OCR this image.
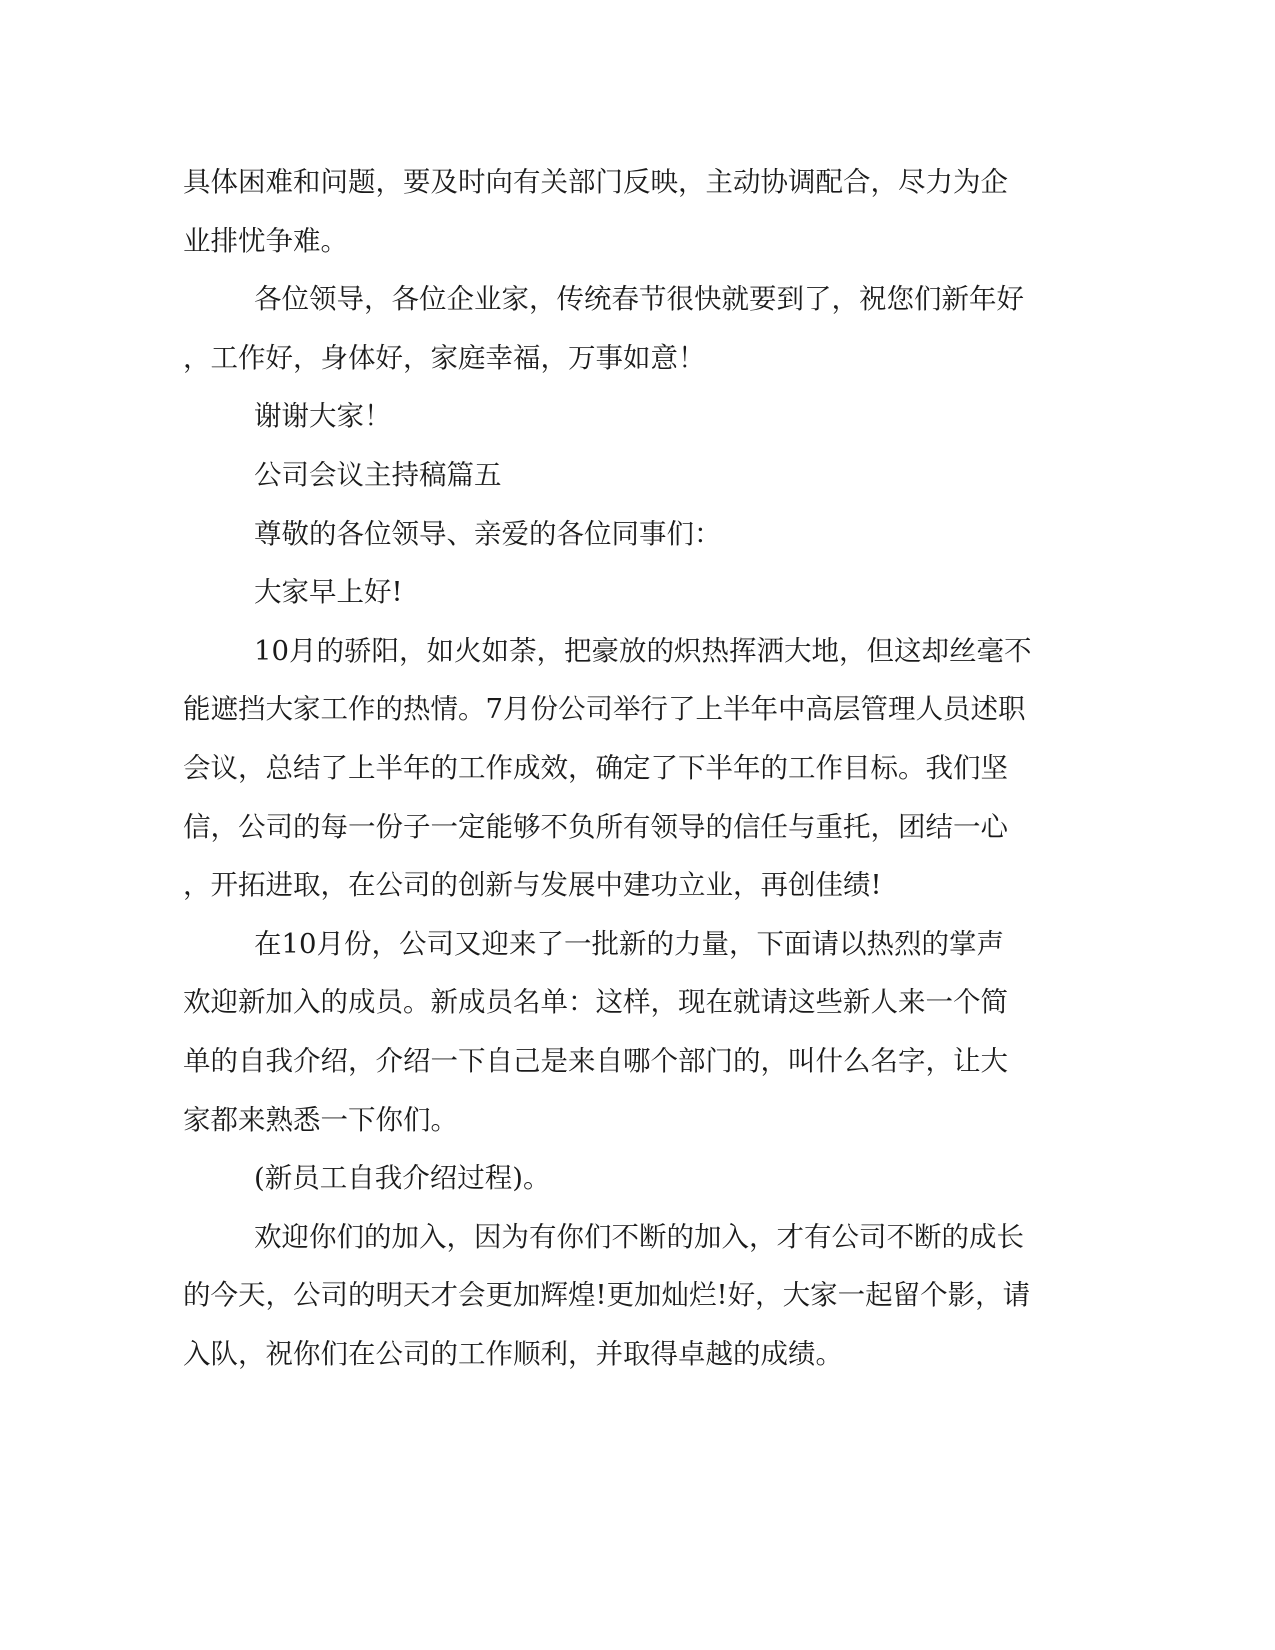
具体困难和问题，要及时向有关部门反映，主动协调配合，尽力为企
业排忧争难。
各位领导，各位企业家，传统春节很快就要到了，祝您们新年好
，工作好，身体好，家庭幸福，万事如意！
谢谢大家！
公司会议主持稿篇五
尊敬的各位领导、亲爱的各位同事们：
大家早上好!
10月的骄阳，如火如荼，把豪放的炽热挥洒大地，但这却丝毫不
能遮挡大家工作的热情。7月份公司举行了上半年中高层管理人员述职
会议，总结了上半年的工作成效，确定了下半年的工作目标。我们坚
信，公司的每一份子一定能够不负所有领导的信任与重托，团结一心
，开拓进取，在公司的创新与发展中建功立业，再创佳绩!
在10月份，公司又迎来了一批新的力量，下面请以热烈的掌声
欢迎新加入的成员。新成员名单：这样，现在就请这些新人来一个简
单的自我介绍，介绍一下自己是来自哪个部门的，叫什么名字，让大
家都来熟悉一下你们。
(新员工自我介绍过程)。
欢迎你们的加入，因为有你们不断的加入，才有公司不断的成长
的今天，公司的明天才会更加辉煌!更加灿烂!好，大家一起留个影，请
入队，祝你们在公司的工作顺利，并取得卓越的成绩。
